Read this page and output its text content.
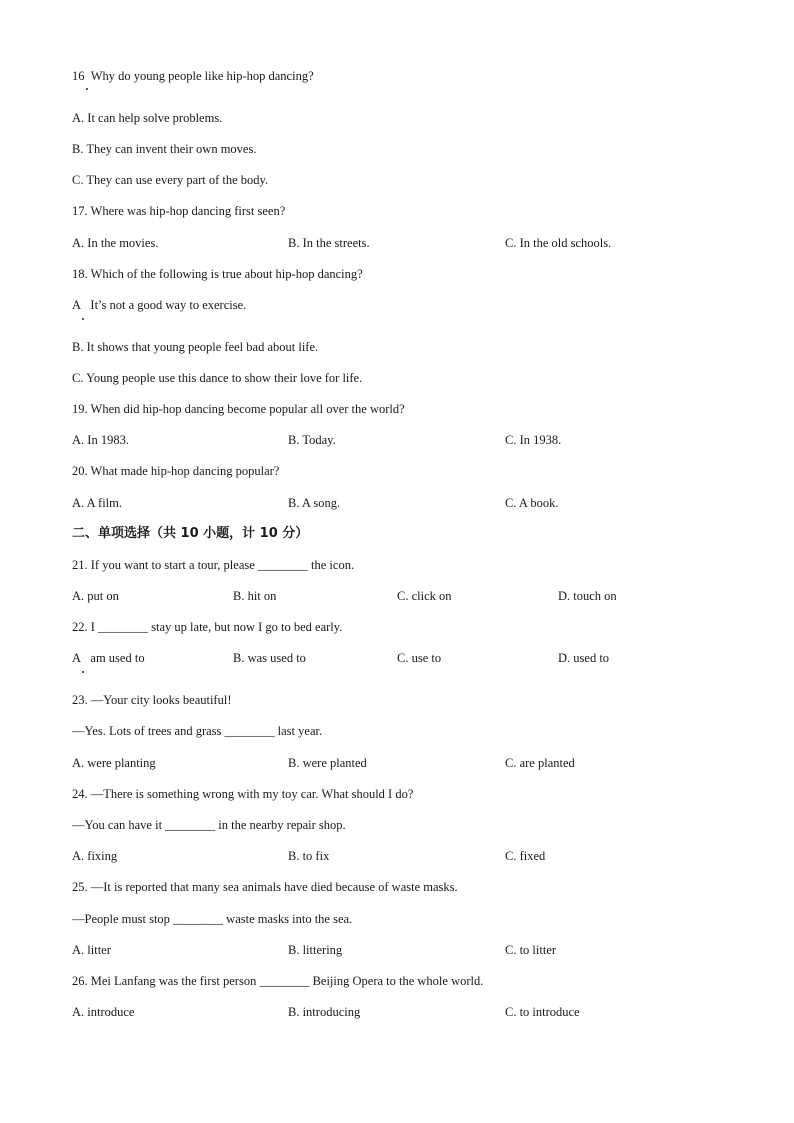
16 Why do young people like hip-hop dancing?
A. It can help solve problems.
B. They can invent their own moves.
C. They can use every part of the body.
17. Where was hip-hop dancing first seen?
A. In the movies.	B. In the streets.	C. In the old schools.
18. Which of the following is true about hip-hop dancing?
A It’s not a good way to exercise.
B. It shows that young people feel bad about life.
C. Young people use this dance to show their love for life.
19. When did hip-hop dancing become popular all over the world?
A. In 1983.	B. Today.	C. In 1938.
20. What made hip-hop dancing popular?
A. A film.	B. A song.	C. A book.
二、单项选择（共 10 小题，计 10 分）
21. If you want to start a tour, please ________ the icon.
A. put on	B. hit on	C. click on	D. touch on
22. I ________ stay up late, but now I go to bed early.
A am used to	B. was used to	C. use to	D. used to
23. —Your city looks beautiful!
—Yes. Lots of trees and grass ________ last year.
A. were planting	B. were planted	C. are planted
24. —There is something wrong with my toy car. What should I do?
—You can have it ________ in the nearby repair shop.
A. fixing	B. to fix	C. fixed
25. —It is reported that many sea animals have died because of waste masks.
—People must stop ________ waste masks into the sea.
A. litter	B. littering	C. to litter
26. Mei Lanfang was the first person ________ Beijing Opera to the whole world.
A. introduce	B. introducing	C. to introduce
